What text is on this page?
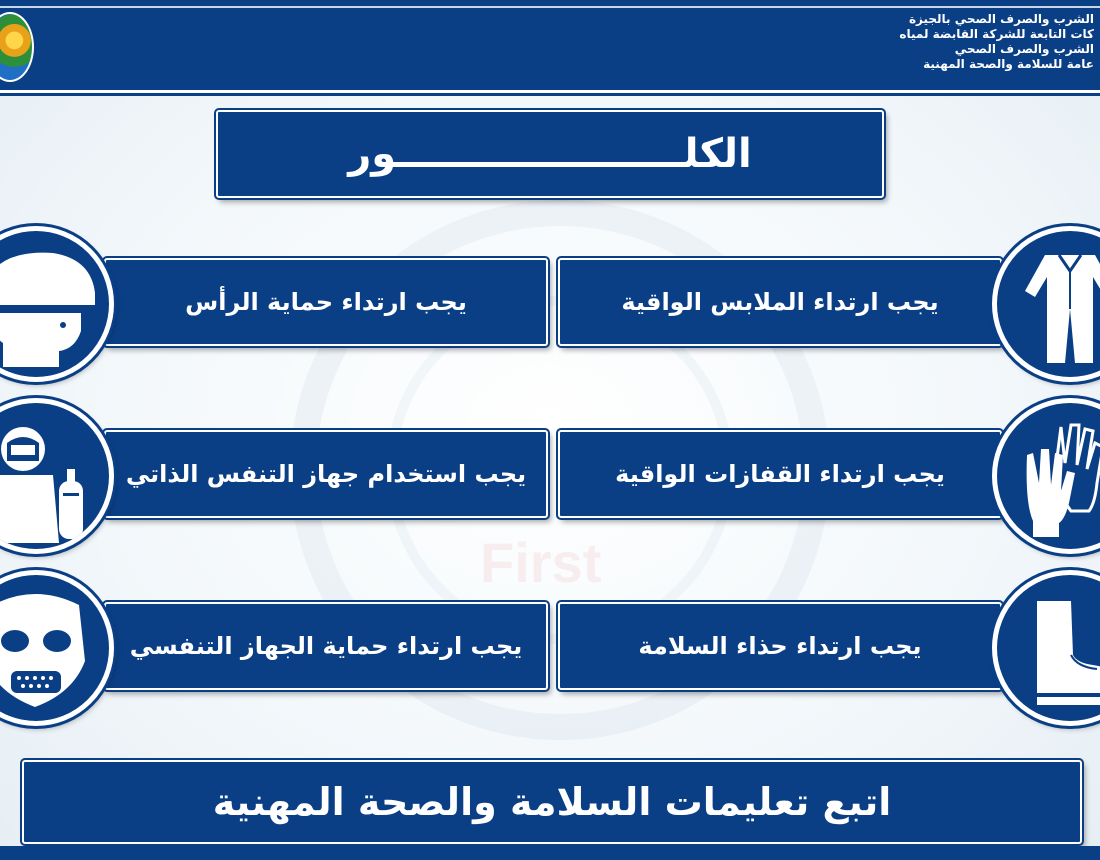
الشرب والصرف الصحي بالجيزة
كات التابعة للشركة القابضة لمياه
الشرب والصرف الصحي
عامة للسلامة والصحة المهنية
First
الكلـــــــــــــــــــــور
يجب ارتداء حماية الرأس
يجب استخدام جهاز التنفس الذاتي
يجب ارتداء حماية الجهاز التنفسي
يجب ارتداء الملابس الواقية
يجب ارتداء القفازات الواقية
يجب ارتداء حذاء السلامة
اتبع تعليمات السلامة والصحة المهنية
